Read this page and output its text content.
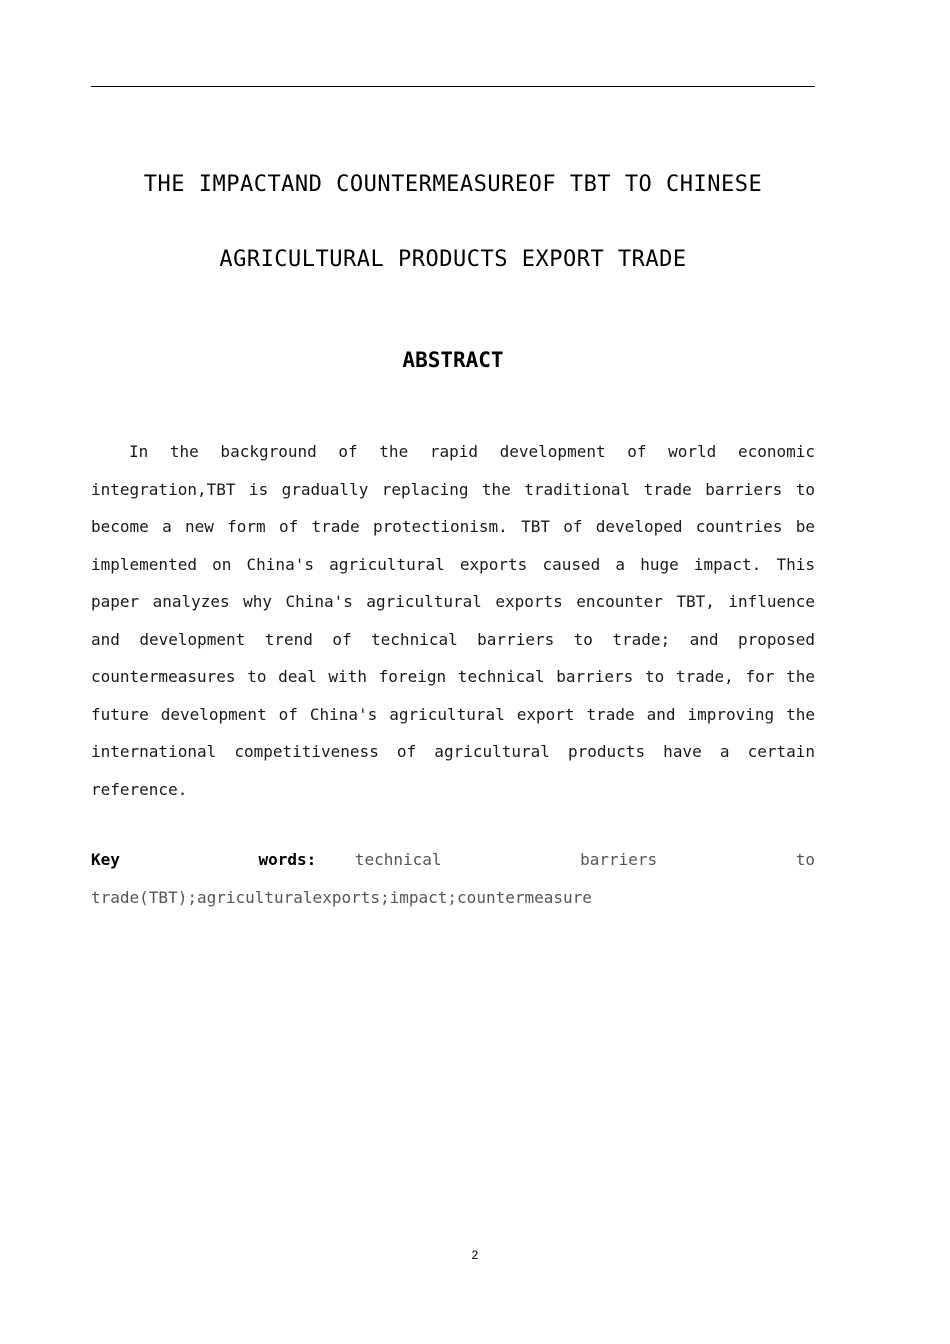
THE IMPACTAND COUNTERMEASUREOF TBT TO CHINESE
AGRICULTURAL PRODUCTS EXPORT TRADE
ABSTRACT

In the background of the rapid development of world economic integration,TBT is gradually replacing the traditional trade barriers to become a new form of trade protectionism. TBT of developed countries be implemented on China's agricultural exports caused a huge impact. This paper analyzes why China's agricultural exports encounter TBT, influence and development trend of technical barriers to trade; and proposed countermeasures to deal with foreign technical barriers to trade, for the future development of China's agricultural export trade and improving the international competitiveness of agricultural products have a certain reference.

Key words: technical barriers to trade(TBT);agriculturalexports;impact;countermeasure

2
